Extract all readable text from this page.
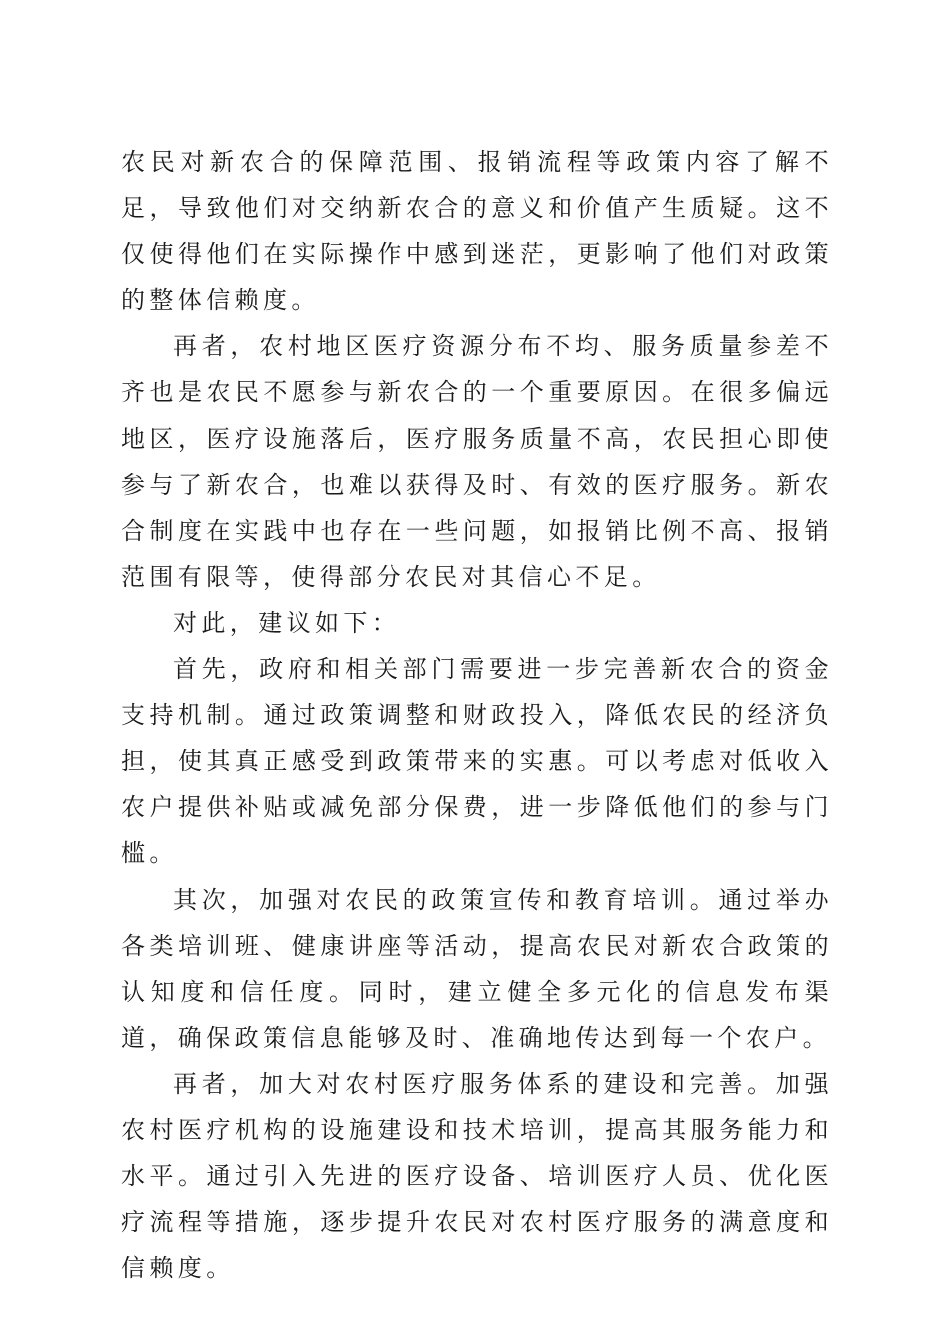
农民对新农合的保障范围、报销流程等政策内容了解不足，导致他们对交纳新农合的意义和价值产生质疑。这不仅使得他们在实际操作中感到迷茫，更影响了他们对政策的整体信赖度。

再者，农村地区医疗资源分布不均、服务质量参差不齐也是农民不愿参与新农合的一个重要原因。在很多偏远地区，医疗设施落后，医疗服务质量不高，农民担心即使参与了新农合，也难以获得及时、有效的医疗服务。新农合制度在实践中也存在一些问题，如报销比例不高、报销范围有限等，使得部分农民对其信心不足。

对此，建议如下：

首先，政府和相关部门需要进一步完善新农合的资金支持机制。通过政策调整和财政投入，降低农民的经济负担，使其真正感受到政策带来的实惠。可以考虑对低收入农户提供补贴或减免部分保费，进一步降低他们的参与门槛。

其次，加强对农民的政策宣传和教育培训。通过举办各类培训班、健康讲座等活动，提高农民对新农合政策的认知度和信任度。同时，建立健全多元化的信息发布渠道，确保政策信息能够及时、准确地传达到每一个农户。

再者，加大对农村医疗服务体系的建设和完善。加强农村医疗机构的设施建设和技术培训，提高其服务能力和水平。通过引入先进的医疗设备、培训医疗人员、优化医疗流程等措施，逐步提升农民对农村医疗服务的满意度和信赖度。
